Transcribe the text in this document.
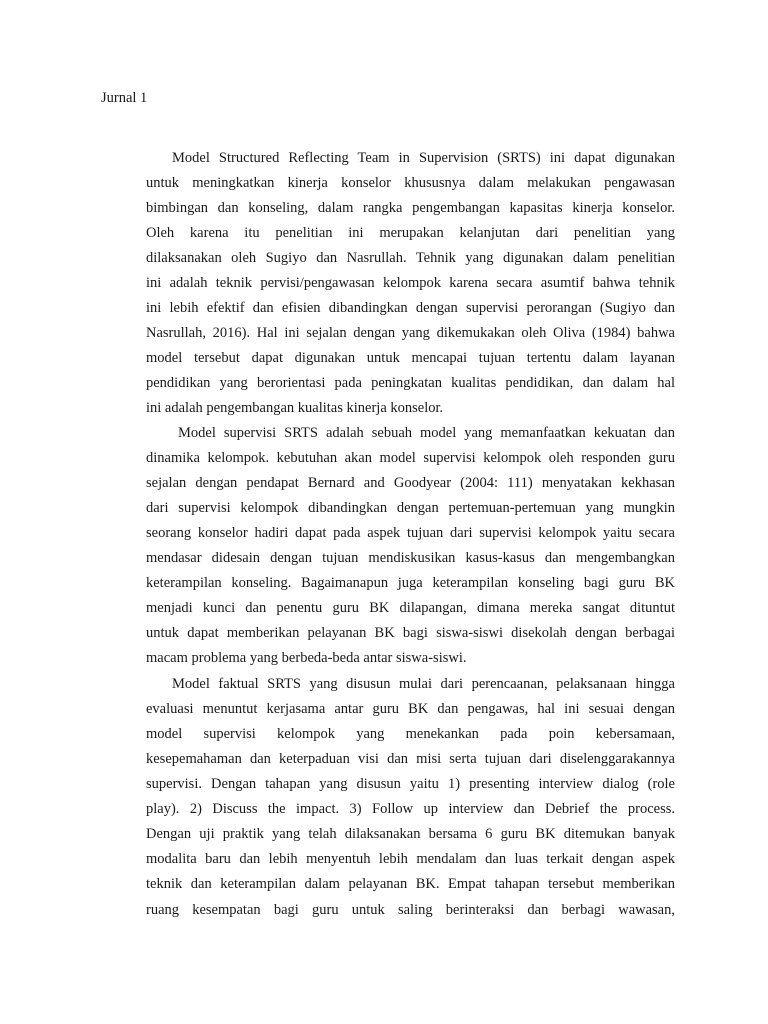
Jurnal 1
Model Structured Reflecting Team in Supervision (SRTS) ini dapat digunakan
untuk meningkatkan kinerja konselor khususnya dalam melakukan pengawasan
bimbingan dan konseling, dalam rangka pengembangan kapasitas kinerja konselor.
Oleh karena itu penelitian ini merupakan kelanjutan dari penelitian yang
dilaksanakan oleh Sugiyo dan Nasrullah. Tehnik yang digunakan dalam penelitian
ini adalah teknik pervisi/pengawasan kelompok karena secara asumtif bahwa tehnik
ini lebih efektif dan efisien dibandingkan dengan supervisi perorangan (Sugiyo dan
Nasrullah, 2016). Hal ini sejalan dengan yang dikemukakan oleh Oliva (1984) bahwa
model tersebut dapat digunakan untuk mencapai tujuan tertentu dalam layanan
pendidikan yang berorientasi pada peningkatan kualitas pendidikan, dan dalam hal
ini adalah pengembangan kualitas kinerja konselor.
Model supervisi SRTS adalah sebuah model yang memanfaatkan kekuatan dan
dinamika kelompok. kebutuhan akan model supervisi kelompok oleh responden guru
sejalan dengan pendapat Bernard and Goodyear (2004: 111) menyatakan kekhasan
dari supervisi kelompok dibandingkan dengan pertemuan-pertemuan yang mungkin
seorang konselor hadiri dapat pada aspek tujuan dari supervisi kelompok yaitu secara
mendasar didesain dengan tujuan mendiskusikan kasus-kasus dan mengembangkan
keterampilan konseling. Bagaimanapun juga keterampilan konseling bagi guru BK
menjadi kunci dan penentu guru BK dilapangan, dimana mereka sangat dituntut
untuk dapat memberikan pelayanan BK bagi siswa-siswi disekolah dengan berbagai
macam problema yang berbeda-beda antar siswa-siswi.
Model faktual SRTS yang disusun mulai dari perencaanan, pelaksanaan hingga
evaluasi menuntut kerjasama antar guru BK dan pengawas, hal ini sesuai dengan
model supervisi kelompok yang menekankan pada poin kebersamaan,
kesepemahaman dan keterpaduan visi dan misi serta tujuan dari diselenggarakannya
supervisi. Dengan tahapan yang disusun yaitu 1) presenting interview dialog (role
play). 2) Discuss the impact. 3) Follow up interview dan Debrief the process.
Dengan uji praktik yang telah dilaksanakan bersama 6 guru BK ditemukan banyak
modalita baru dan lebih menyentuh lebih mendalam dan luas terkait dengan aspek
teknik dan keterampilan dalam pelayanan BK. Empat tahapan tersebut memberikan
ruang kesempatan bagi guru untuk saling berinteraksi dan berbagi wawasan,
